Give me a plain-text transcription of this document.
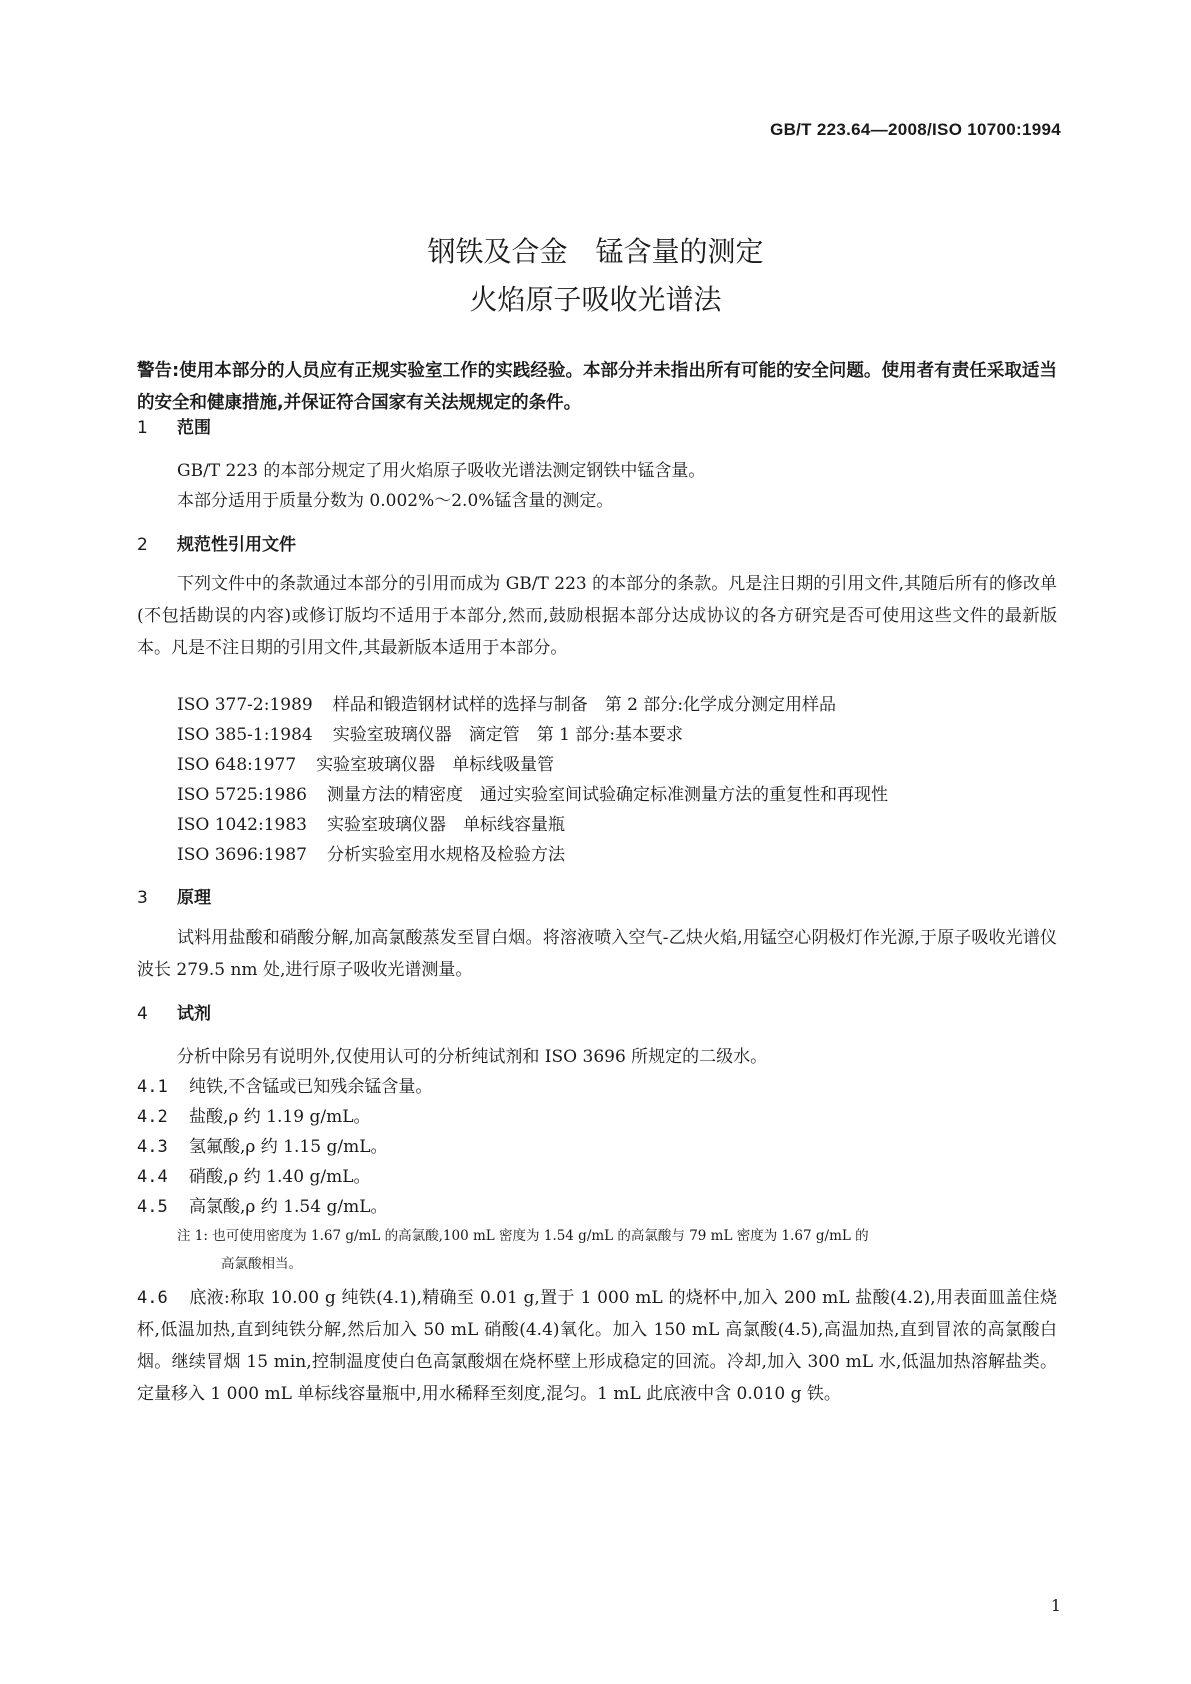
GB/T 223.64—2008/ISO 10700:1994
钢铁及合金　锰含量的测定
火焰原子吸收光谱法
警告:使用本部分的人员应有正规实验室工作的实践经验。本部分并未指出所有可能的安全问题。使用者有责任采取适当的安全和健康措施,并保证符合国家有关法规规定的条件。
1 范围
GB/T 223 的本部分规定了用火焰原子吸收光谱法测定钢铁中锰含量。
本部分适用于质量分数为 0.002%～2.0%锰含量的测定。
2 规范性引用文件
下列文件中的条款通过本部分的引用而成为 GB/T 223 的本部分的条款。凡是注日期的引用文件,其随后所有的修改单(不包括勘误的内容)或修订版均不适用于本部分,然而,鼓励根据本部分达成协议的各方研究是否可使用这些文件的最新版本。凡是不注日期的引用文件,其最新版本适用于本部分。
ISO 377-2:1989 样品和锻造钢材试样的选择与制备　第 2 部分:化学成分测定用样品
ISO 385-1:1984 实验室玻璃仪器　滴定管　第 1 部分:基本要求
ISO 648:1977 实验室玻璃仪器　单标线吸量管
ISO 5725:1986 测量方法的精密度　通过实验室间试验确定标准测量方法的重复性和再现性
ISO 1042:1983 实验室玻璃仪器　单标线容量瓶
ISO 3696:1987 分析实验室用水规格及检验方法
3 原理
试料用盐酸和硝酸分解,加高氯酸蒸发至冒白烟。将溶液喷入空气-乙炔火焰,用锰空心阴极灯作光源,于原子吸收光谱仪波长 279.5 nm 处,进行原子吸收光谱测量。
4 试剂
分析中除另有说明外,仅使用认可的分析纯试剂和 ISO 3696 所规定的二级水。
4.1 纯铁,不含锰或已知残余锰含量。
4.2 盐酸,ρ 约 1.19 g/mL。
4.3 氢氟酸,ρ 约 1.15 g/mL。
4.4 硝酸,ρ 约 1.40 g/mL。
4.5 高氯酸,ρ 约 1.54 g/mL。
注 1: 也可使用密度为 1.67 g/mL 的高氯酸,100 mL 密度为 1.54 g/mL 的高氯酸与 79 mL 密度为 1.67 g/mL 的
高氯酸相当。
4.6 底液:称取 10.00 g 纯铁(4.1),精确至 0.01 g,置于 1 000 mL 的烧杯中,加入 200 mL 盐酸(4.2),用表面皿盖住烧杯,低温加热,直到纯铁分解,然后加入 50 mL 硝酸(4.4)氧化。加入 150 mL 高氯酸(4.5),高温加热,直到冒浓的高氯酸白烟。继续冒烟 15 min,控制温度使白色高氯酸烟在烧杯壁上形成稳定的回流。冷却,加入 300 mL 水,低温加热溶解盐类。定量移入 1 000 mL 单标线容量瓶中,用水稀释至刻度,混匀。1 mL 此底液中含 0.010 g 铁。
1
